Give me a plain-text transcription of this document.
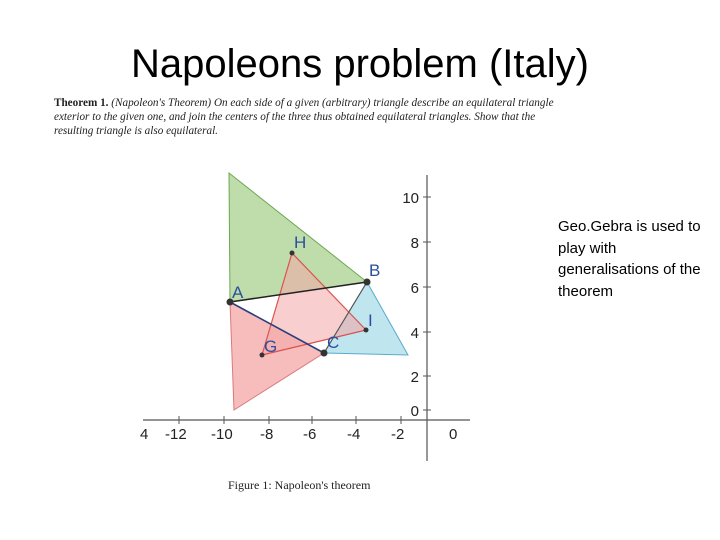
Napoleons problem (Italy)
Theorem 1. (Napoleon's Theorem) On each side of a given (arbitrary) triangle describe an equilateral triangle exterior to the given one, and join the centers of the three thus obtained equilateral triangles. Show that the resulting triangle is also equilateral.
4 -12 -10 -8 -6 -4 -2	0
10
8
6
4
2
0
A
B
C
G
H
I
Figure 1: Napoleon's theorem
Geo.Gebra is used to play with generalisations of the theorem
